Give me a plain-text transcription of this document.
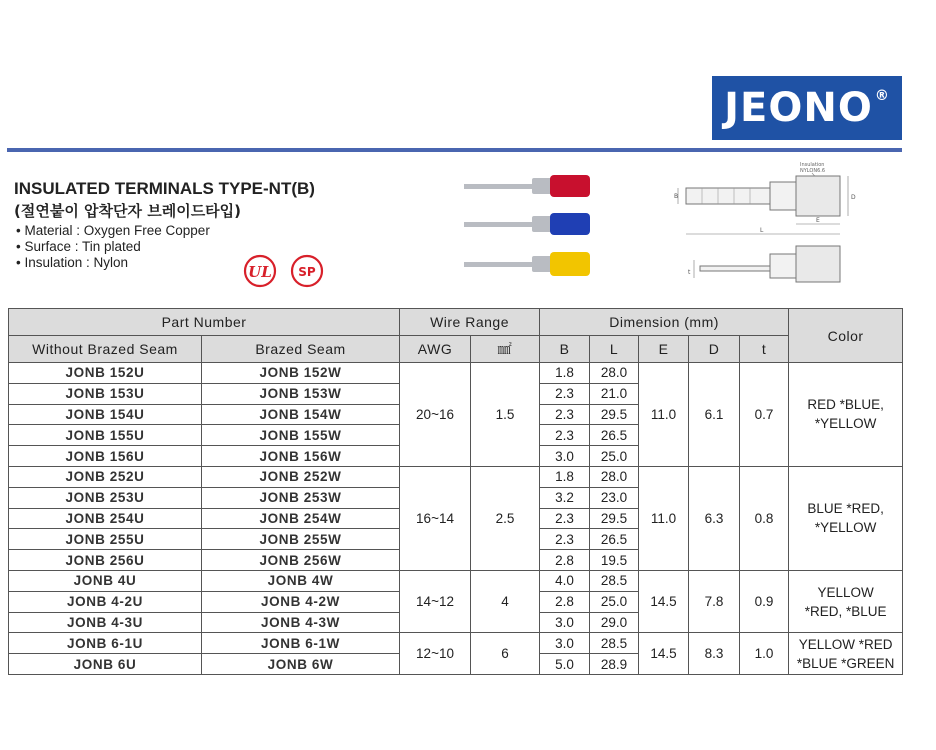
JEONO®
INSULATED TERMINALS TYPE-NT(B)
(절연붙이 압착단자 브레이드타입)
• Material : Oxygen Free Copper
• Surface : Tin plated
• Insulation : Nylon
UL SP
Insulation
NYLON6.6
B	D
E
L
t
Part Number		Wire Range		Dimension (mm)					Color
Without Brazed Seam	Brazed Seam	AWG	㎟	B	L	E	D	t	
JONB 152U	JONB 152W	20~16	1.5	1.8	28.0	11.0	6.1	0.7	RED *BLUE,
*YELLOW
JONB 153U	JONB 153W			2.3	21.0				
JONB 154U	JONB 154W			2.3	29.5				
JONB 155U	JONB 155W			2.3	26.5				
JONB 156U	JONB 156W			3.0	25.0				
JONB 252U	JONB 252W	16~14	2.5	1.8	28.0	11.0	6.3	0.8	BLUE *RED,
*YELLOW
JONB 253U	JONB 253W			3.2	23.0				
JONB 254U	JONB 254W			2.3	29.5				
JONB 255U	JONB 255W			2.3	26.5				
JONB 256U	JONB 256W			2.8	19.5				
JONB 4U	JONB 4W	14~12	4	4.0	28.5	14.5	7.8	0.9	YELLOW
*RED, *BLUE
JONB 4-2U	JONB 4-2W			2.8	25.0				
JONB 4-3U	JONB 4-3W			3.0	29.0				
JONB 6-1U	JONB 6-1W	12~10	6	3.0	28.5	14.5	8.3	1.0	YELLOW *RED
*BLUE *GREEN
JONB 6U	JONB 6W			5.0	28.9				
